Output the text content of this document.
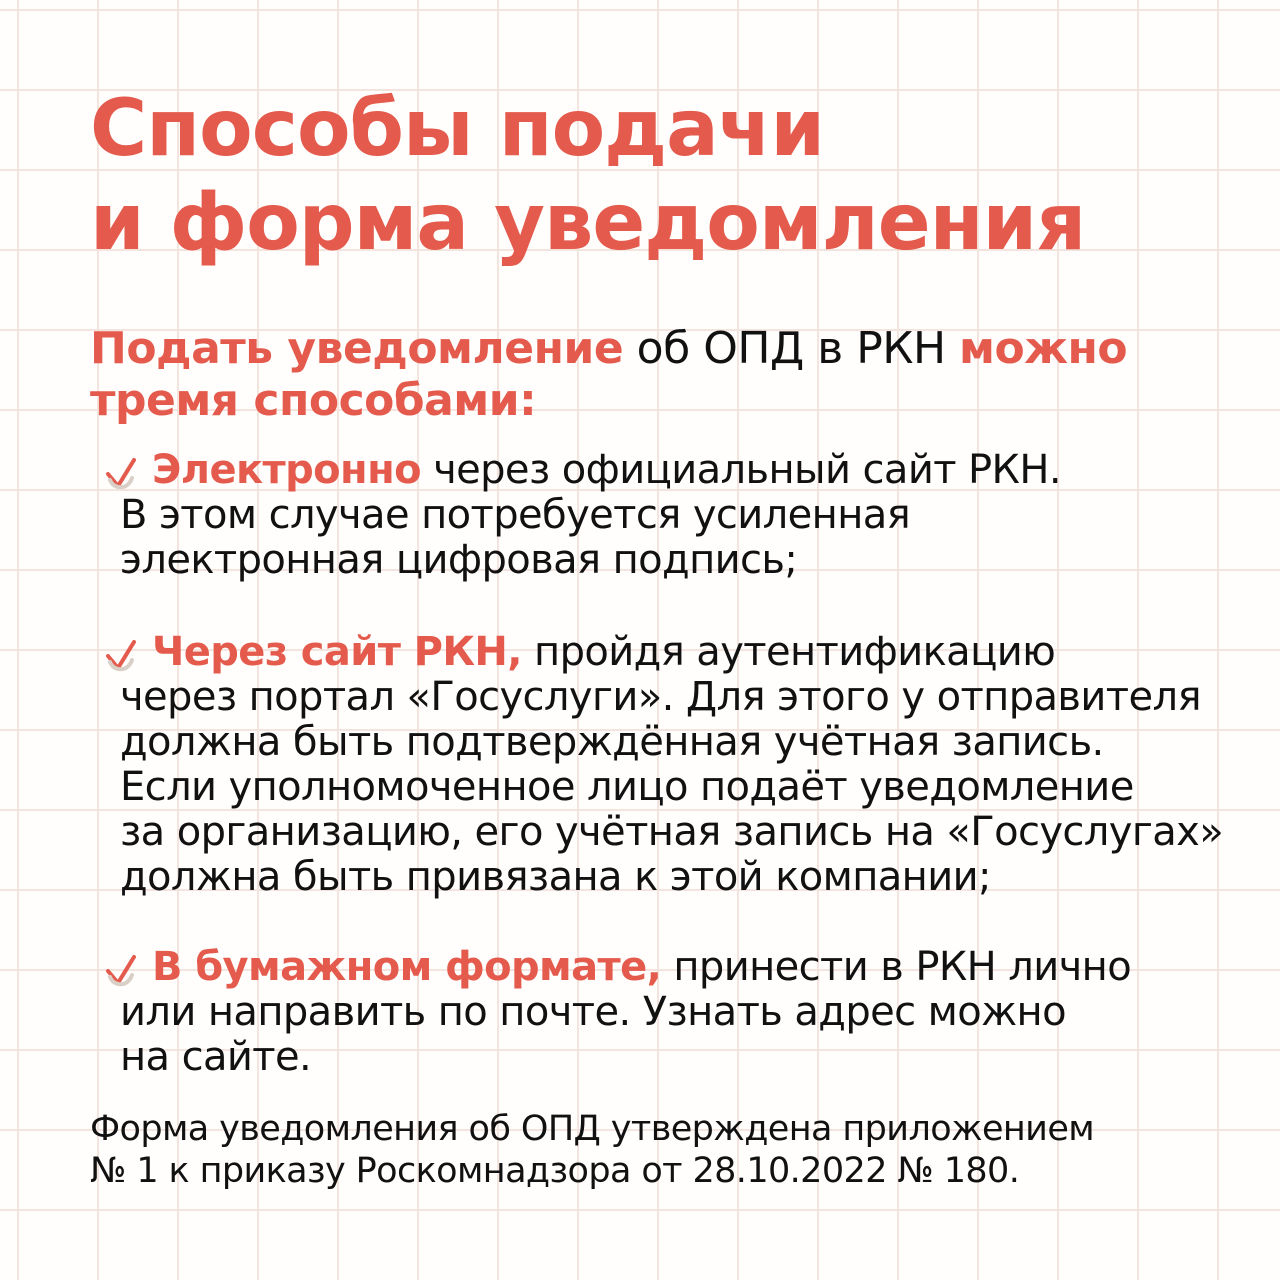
Способы подачи
и форма уведомления
Подать уведомление об ОПД в РКН можно
тремя способами:
Электронно через официальный сайт РКН.
В этом случае потребуется усиленная
электронная цифровая подпись;
Через сайт РКН, пройдя аутентификацию
через портал «Госуслуги». Для этого у отправителя
должна быть подтверждённая учётная запись.
Если уполномоченное лицо подаёт уведомление
за организацию, его учётная запись на «Госуслугах»
должна быть привязана к этой компании;
В бумажном формате, принести в РКН лично
или направить по почте. Узнать адрес можно
на сайте.
Форма уведомления об ОПД утверждена приложением
№ 1 к приказу Роскомнадзора от 28.10.2022 № 180.
